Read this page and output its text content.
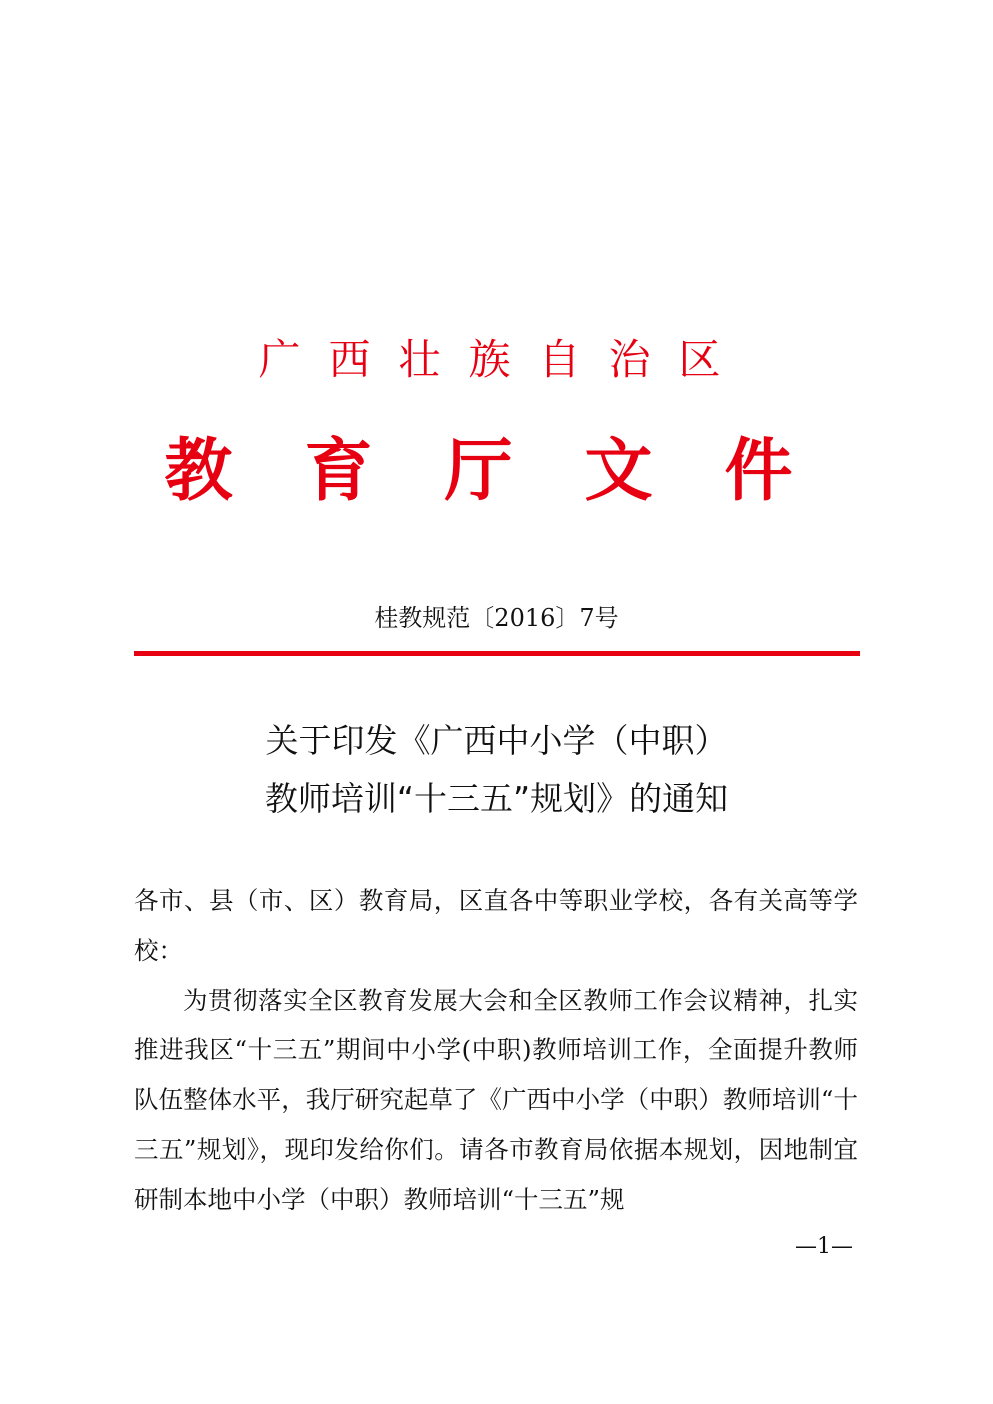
广西壮族自治区
教育厅文件
桂教规范〔2016〕7号
关于印发《广西中小学（中职）
教师培训“十三五”规划》的通知

各市、县（市、区）教育局，区直各中等职业学校，各有关高等学校：

为贯彻落实全区教育发展大会和全区教师工作会议精神，扎实推进我区“十三五”期间中小学(中职)教师培训工作，全面提升教师队伍整体水平，我厅研究起草了《广西中小学（中职）教师培训“十三五”规划》，现印发给你们。请各市教育局依据本规划，因地制宜研制本地中小学（中职）教师培训“十三五”规

—1—
